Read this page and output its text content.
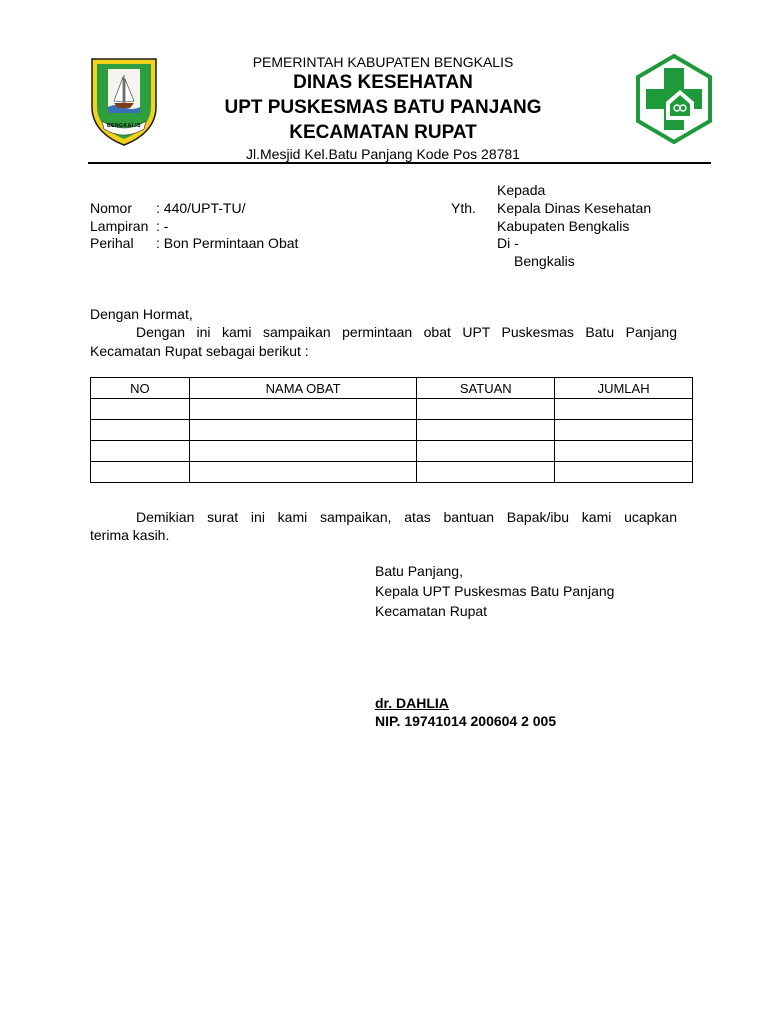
BENGKALIS
PEMERINTAH KABUPATEN BENGKALIS
DINAS KESEHATAN
UPT PUSKESMAS BATU PANJANG
KECAMATAN RUPAT
Jl.Mesjid Kel.Batu Panjang Kode Pos 28781
Nomor : 440/UPT-TU/
Lampiran : -
Perihal : Bon Permintaan Obat
Kepada
Yth. Kepala Dinas Kesehatan
Kabupaten Bengkalis
Di -
Bengkalis
Dengan Hormat,
Dengan ini kami sampaikan permintaan obat UPT Puskesmas Batu Panjang
Kecamatan Rupat sebagai berikut :
NO	NAMA OBAT	SATUAN	JUMLAH

Demikian surat ini kami sampaikan, atas bantuan Bapak/ibu kami ucapkan
terima kasih.
Batu Panjang,
Kepala UPT Puskesmas Batu Panjang
Kecamatan Rupat
dr. DAHLIA
NIP. 19741014 200604 2 005
